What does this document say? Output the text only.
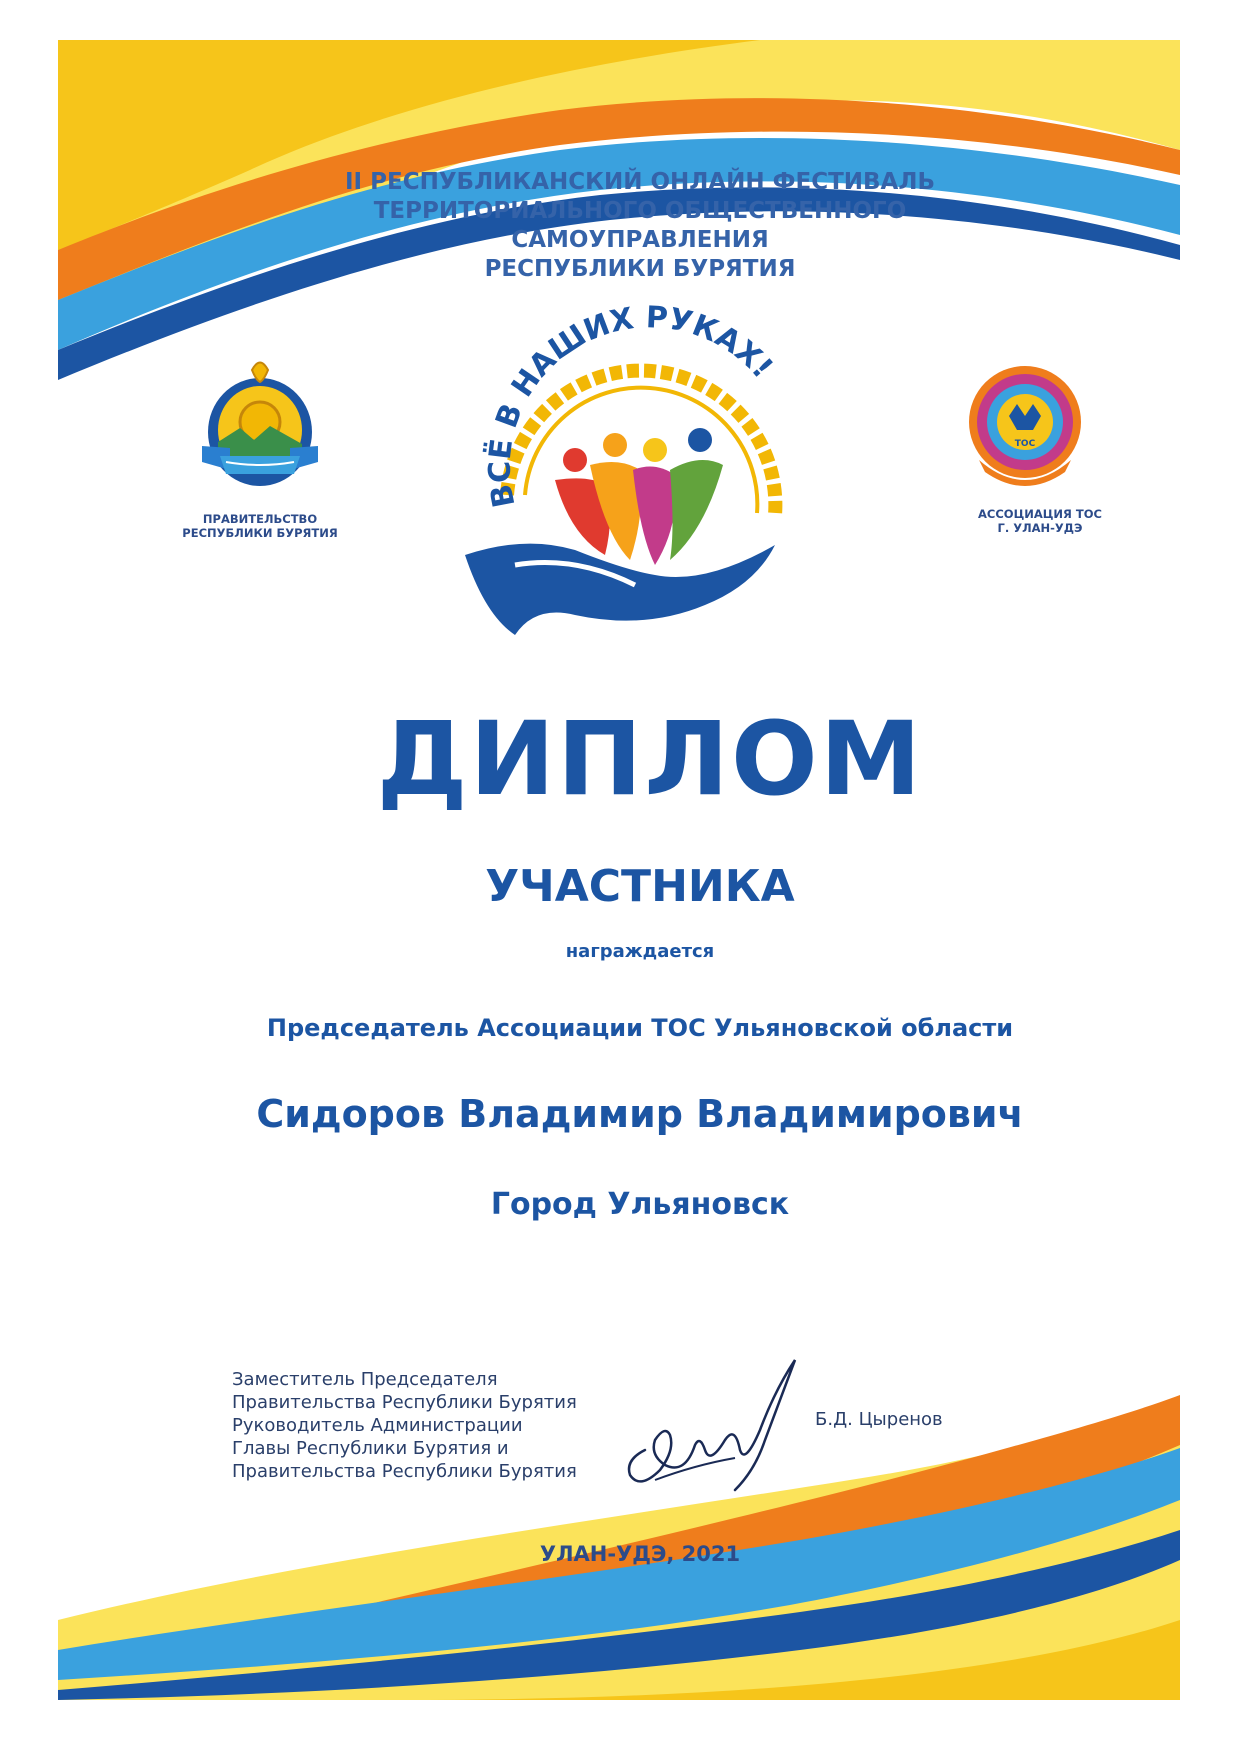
II РЕСПУБЛИКАНСКИЙ ОНЛАЙН ФЕСТИВАЛЬ
ТЕРРИТОРИАЛЬНОГО ОБЩЕСТВЕННОГО САМОУПРАВЛЕНИЯ
РЕСПУБЛИКИ БУРЯТИЯ
ПРАВИТЕЛЬСТВО
РЕСПУБЛИКИ БУРЯТИЯ
ТОС
АССОЦИАЦИЯ ТОС
Г. УЛАН-УДЭ
ВСЁ В НАШИХ РУКАХ!
ДИПЛОМ
УЧАСТНИКА
награждается
Председатель Ассоциации ТОС Ульяновской области
Сидоров Владимир Владимирович
Город Ульяновск
Заместитель Председателя
Правительства Республики Бурятия
Руководитель Администрации
Главы Республики Бурятия и
Правительства Республики Бурятия
Б.Д. Цыренов
УЛАН-УДЭ, 2021
